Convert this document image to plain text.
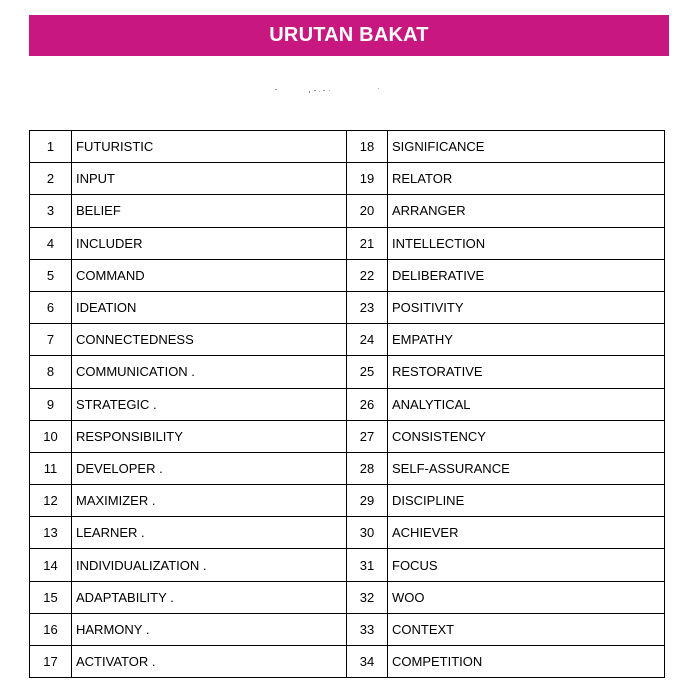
URUTAN BAKAT
1	FUTURISTIC	18	SIGNIFICANCE
2	INPUT	19	RELATOR
3	BELIEF	20	ARRANGER
4	INCLUDER	21	INTELLECTION
5	COMMAND	22	DELIBERATIVE
6	IDEATION	23	POSITIVITY
7	CONNECTEDNESS	24	EMPATHY
8	COMMUNICATION .	25	RESTORATIVE
9	STRATEGIC .	26	ANALYTICAL
10	RESPONSIBILITY	27	CONSISTENCY
11	DEVELOPER .	28	SELF-ASSURANCE
12	MAXIMIZER .	29	DISCIPLINE
13	LEARNER .	30	ACHIEVER
14	INDIVIDUALIZATION .	31	FOCUS
15	ADAPTABILITY .	32	WOO
16	HARMONY .	33	CONTEXT
17	ACTIVATOR .	34	COMPETITION
